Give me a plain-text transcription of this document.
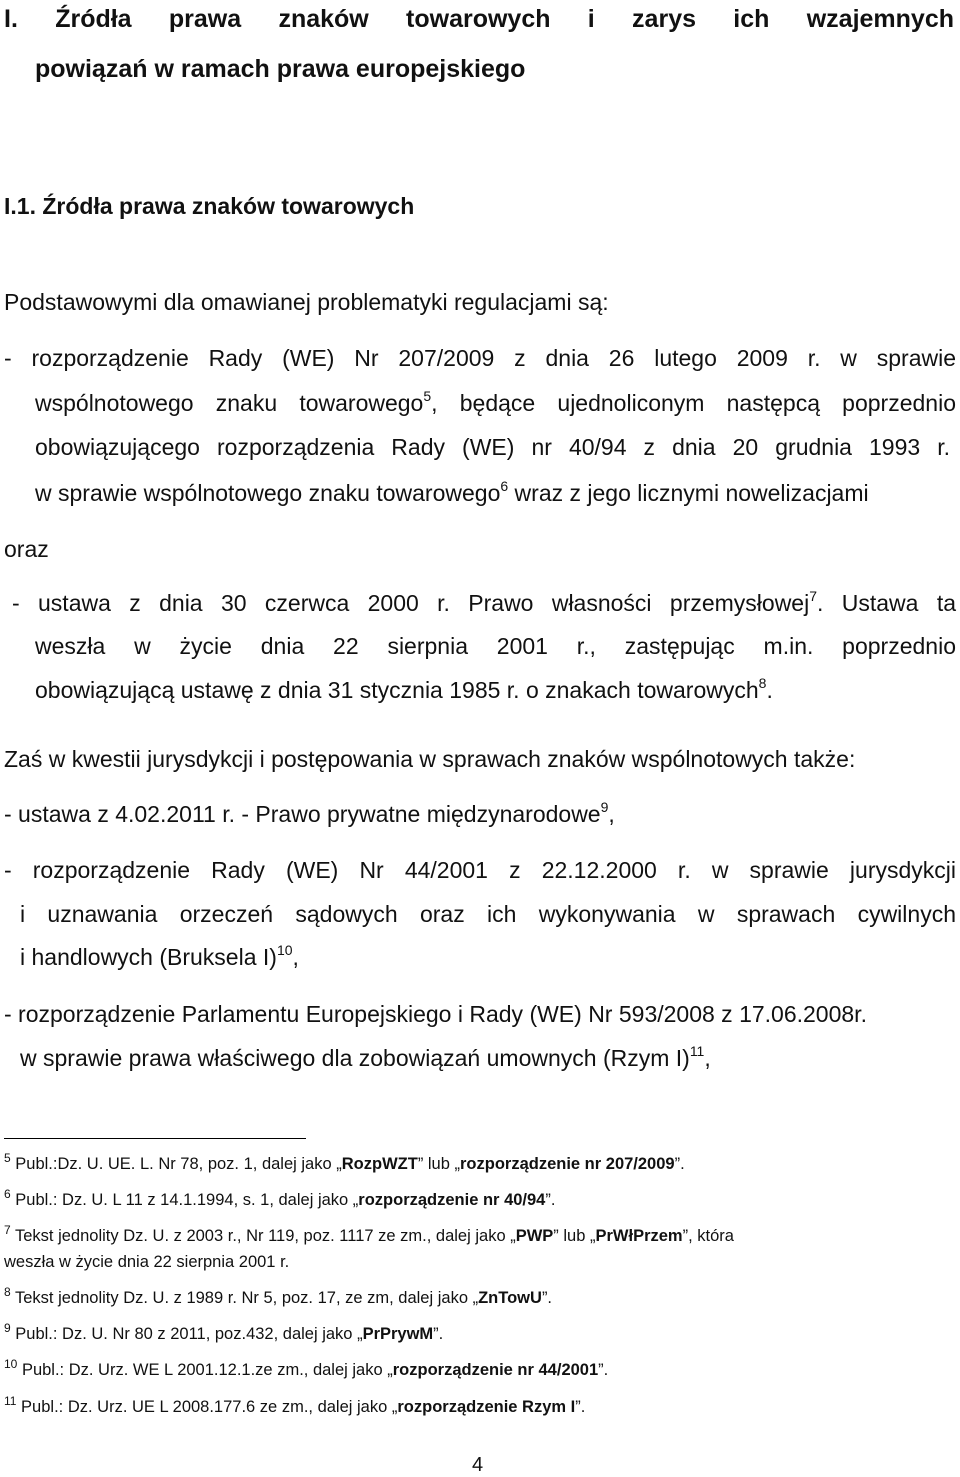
I. Źródła prawa znaków towarowych i zarys ich wzajemnych
powiązań w ramach prawa europejskiego
I.1. Źródła prawa znaków towarowych
Podstawowymi dla omawianej problematyki regulacjami są:
- rozporządzenie Rady (WE) Nr 207/2009 z dnia 26 lutego 2009 r. w sprawie
wspólnotowego znaku towarowego$^5$, będące ujednoliconym następcą poprzednio
obowiązującego rozporządzenia Rady (WE) nr 40/94 z dnia 20 grudnia 1993 r.
w sprawie wspólnotowego znaku towarowego$^6$ wraz z jego licznymi nowelizacjami
oraz
- ustawa z dnia 30 czerwca 2000 r. Prawo własności przemysłowej$^7$. Ustawa ta
weszła w życie dnia 22 sierpnia 2001 r., zastępując m.in. poprzednio
obowiązującą ustawę z dnia 31 stycznia 1985 r. o znakach towarowych$^8$.
Zaś w kwestii jurysdykcji i postępowania w sprawach znaków wspólnotowych także:
- ustawa z 4.02.2011 r. - Prawo prywatne międzynarodowe$^9$,
- rozporządzenie Rady (WE) Nr 44/2001 z 22.12.2000 r. w sprawie jurysdykcji
i uznawania orzeczeń sądowych oraz ich wykonywania w sprawach cywilnych
i handlowych (Bruksela I)$^{10}$,
- rozporządzenie Parlamentu Europejskiego i Rady (WE) Nr 593/2008 z 17.06.2008r.
w sprawie prawa właściwego dla zobowiązań umownych (Rzym I)$^{11}$,
$^5$ Publ.:Dz. U. UE. L. Nr 78, poz. 1, dalej jako „RozpWZT” lub „rozporządzenie nr 207/2009”.
$^6$ Publ.: Dz. U. L 11 z 14.1.1994, s. 1, dalej jako „rozporządzenie nr 40/94”.
$^7$ Tekst jednolity Dz. U. z 2003 r., Nr 119, poz. 1117 ze zm., dalej jako „PWP” lub „PrWłPrzem”, która
weszła w życie dnia 22 sierpnia 2001 r.
$^8$ Tekst jednolity Dz. U. z 1989 r. Nr 5, poz. 17, ze zm, dalej jako „ZnTowU”.
$^9$ Publ.: Dz. U. Nr 80 z 2011, poz.432, dalej jako „PrPrywM”.
$^{10}$ Publ.: Dz. Urz. WE L 2001.12.1.ze zm., dalej jako „rozporządzenie nr 44/2001”.
$^{11}$ Publ.: Dz. Urz. UE L 2008.177.6 ze zm., dalej jako „rozporządzenie Rzym I”.
4
